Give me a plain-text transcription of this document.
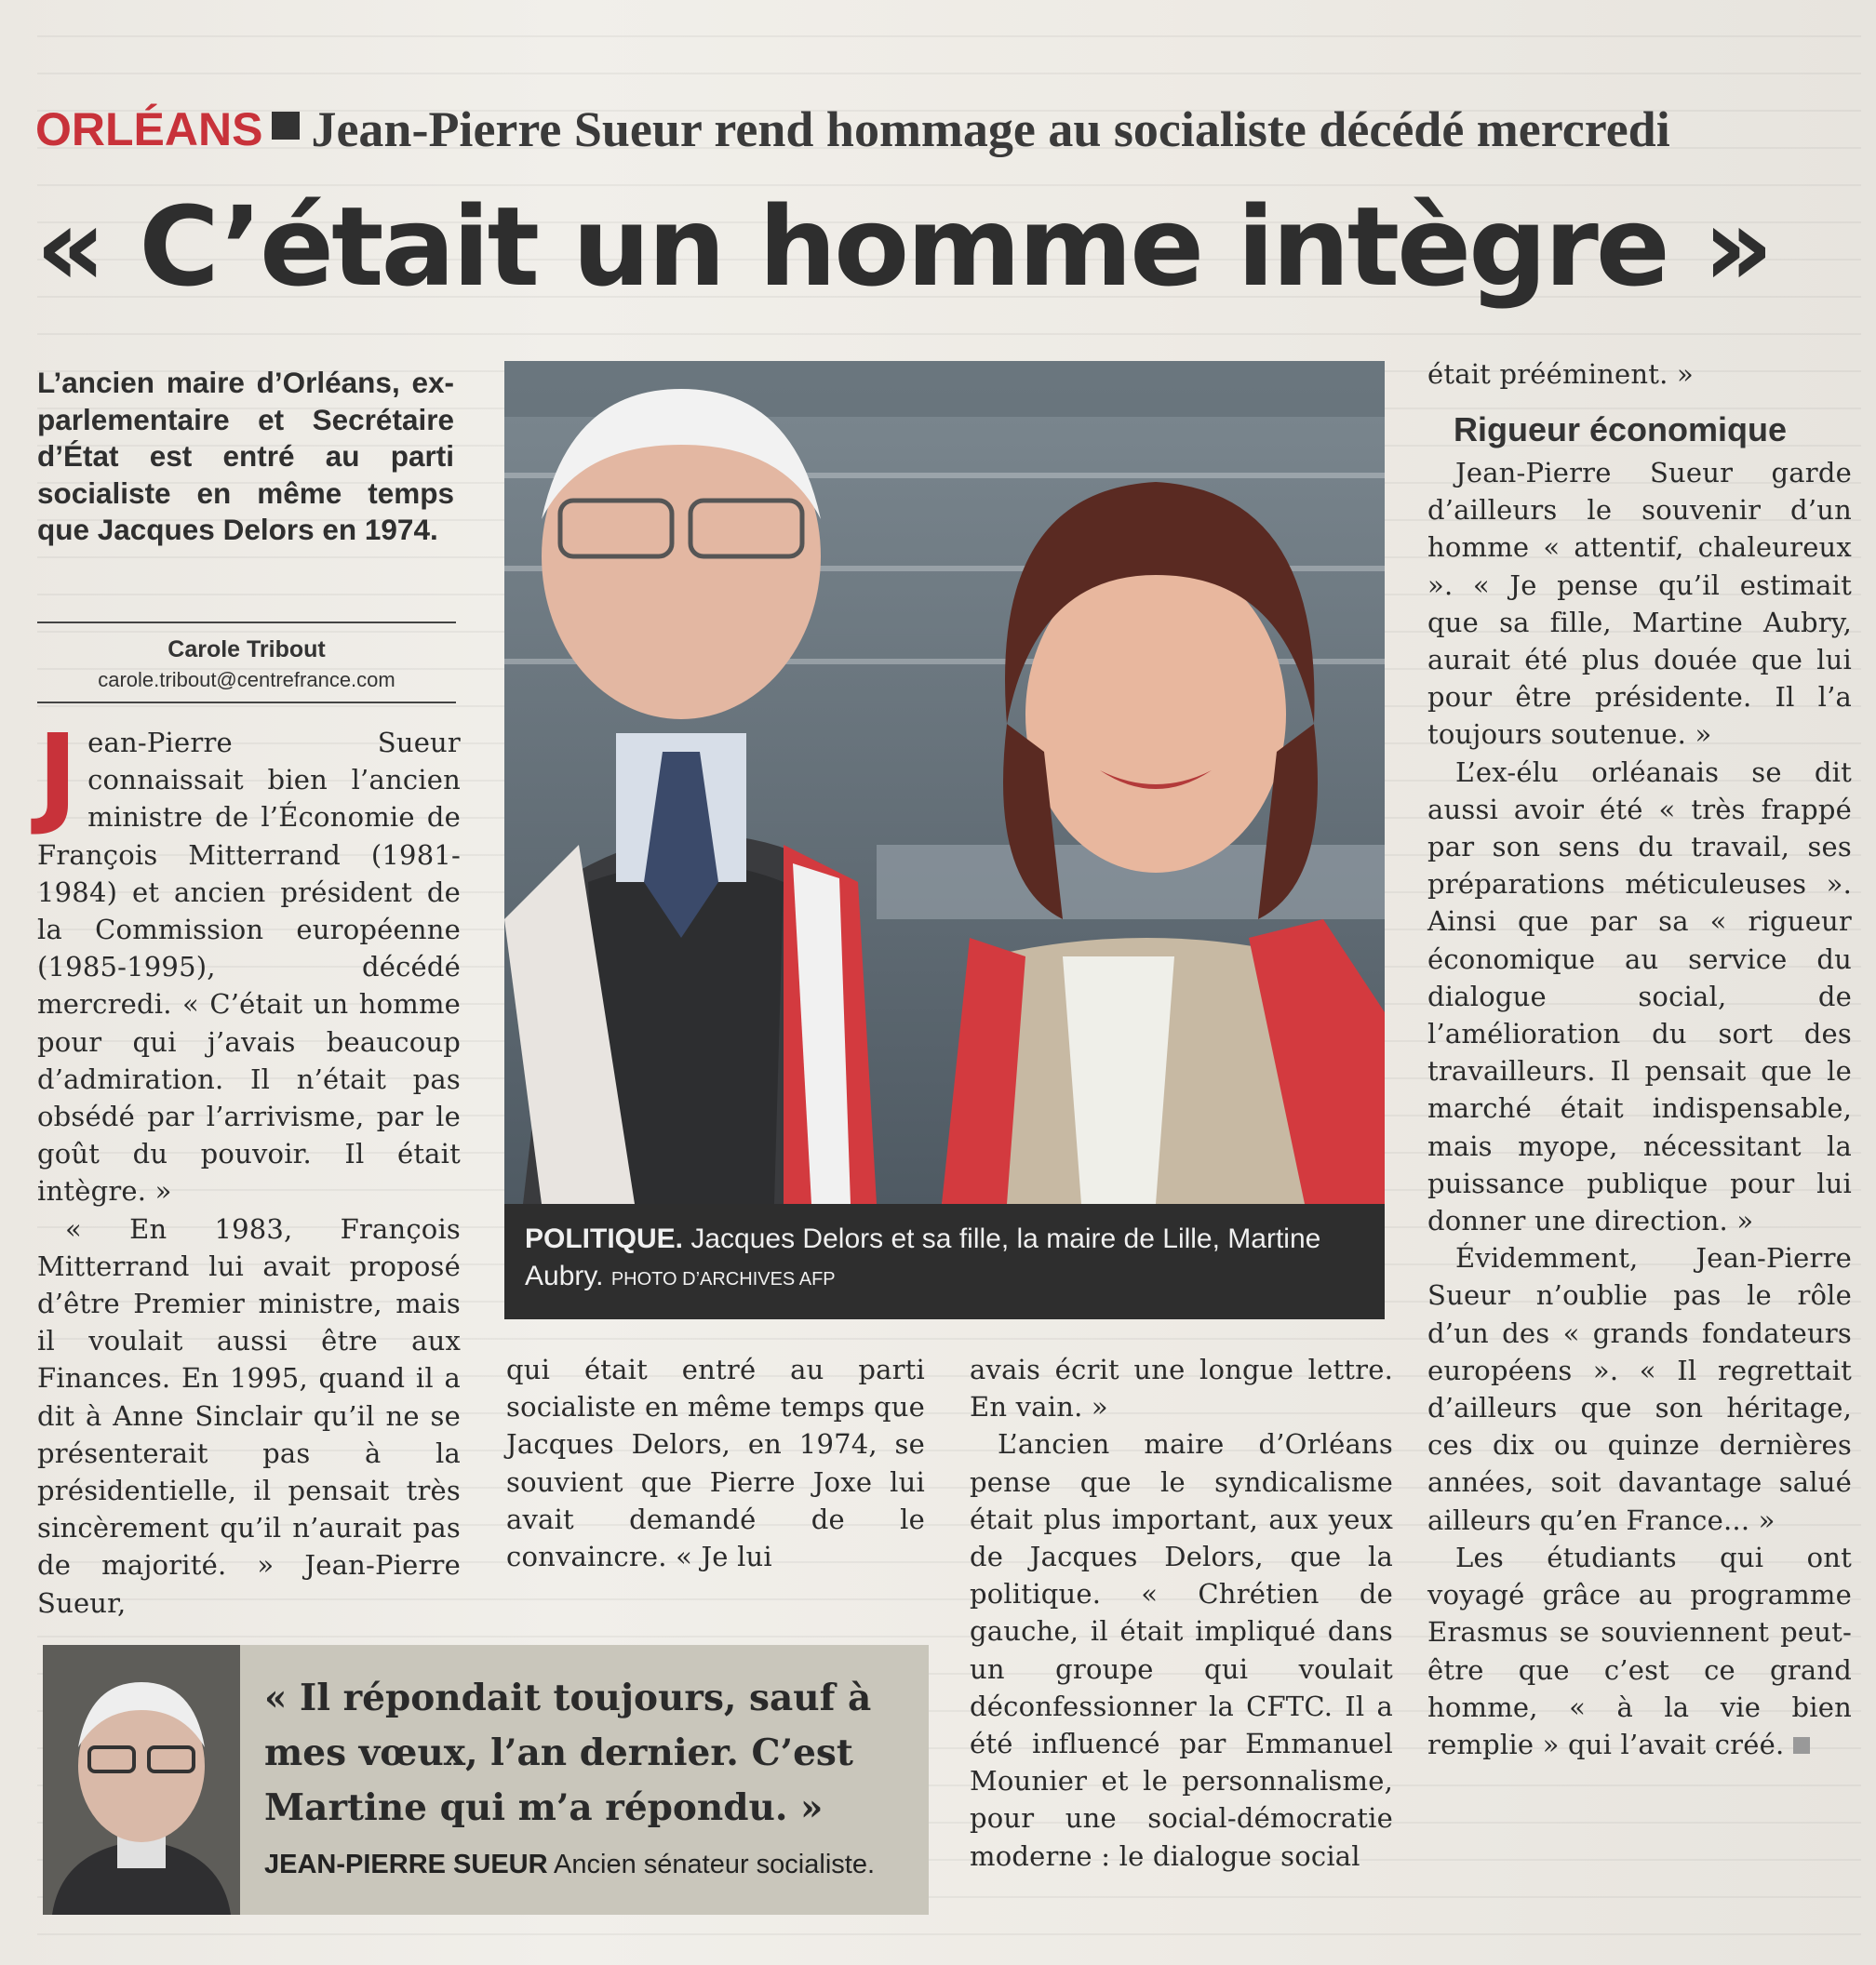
ORLÉANS Jean-Pierre Sueur rend hommage au socialiste décédé mercredi
« C’était un homme intègre »
L’ancien maire d’Orléans, ex-parlementaire et Secrétaire d’État est entré au parti socialiste en même temps que Jacques Delors en 1974.
Carole Tribout
carole.tribout@centrefrance.com
J ean-Pierre Sueur connaissait bien l’ancien ministre de l’Économie de François Mitterrand (1981-1984) et ancien président de la Commission européenne (1985-1995), décédé mercredi. « C’était un homme pour qui j’avais beaucoup d’admiration. Il n’était pas obsédé par l’arrivisme, par le goût du pouvoir. Il était intègre. »

« En 1983, François Mitterrand lui avait proposé d’être Premier ministre, mais il voulait aussi être aux Finances. En 1995, quand il a dit à Anne Sinclair qu’il ne se présenterait pas à la présidentielle, il pensait très sincèrement qu’il n’aurait pas de majorité. » Jean-Pierre Sueur,

POLITIQUE. Jacques Delors et sa fille, la maire de Lille, Martine Aubry. PHOTO D’ARCHIVES AFP

qui était entré au parti socialiste en même temps que Jacques Delors, en 1974, se souvient que Pierre Joxe lui avait demandé de le convaincre. « Je lui

avais écrit une longue lettre. En vain. »

L’ancien maire d’Orléans pense que le syndicalisme était plus important, aux yeux de Jacques Delors, que la politique. « Chrétien de gauche, il était impliqué dans un groupe qui voulait déconfessionner la CFTC. Il a été influencé par Emmanuel Mounier et le personnalisme, pour une social-démocratie moderne : le dialogue social

était prééminent. »

Rigueur économique

Jean-Pierre Sueur garde d’ailleurs le souvenir d’un homme « attentif, chaleureux ». « Je pense qu’il estimait que sa fille, Martine Aubry, aurait été plus douée que lui pour être présidente. Il l’a toujours soutenue. »

L’ex-élu orléanais se dit aussi avoir été « très frappé par son sens du travail, ses préparations méticuleuses ». Ainsi que par sa « rigueur économique au service du dialogue social, de l’amélioration du sort des travailleurs. Il pensait que le marché était indispensable, mais myope, nécessitant la puissance publique pour lui donner une direction. »

Évidemment, Jean-Pierre Sueur n’oublie pas le rôle d’un des « grands fondateurs européens ». « Il regrettait d’ailleurs que son héritage, ces dix ou quinze dernières années, soit davantage salué ailleurs qu’en France... »

Les étudiants qui ont voyagé grâce au programme Erasmus se souviennent peut-être que c’est ce grand homme, « à la vie bien remplie » qui l’avait créé.

« Il répondait toujours, sauf à mes vœux, l’an dernier. C’est Martine qui m’a répondu. »
JEAN-PIERRE SUEUR Ancien sénateur socialiste.
